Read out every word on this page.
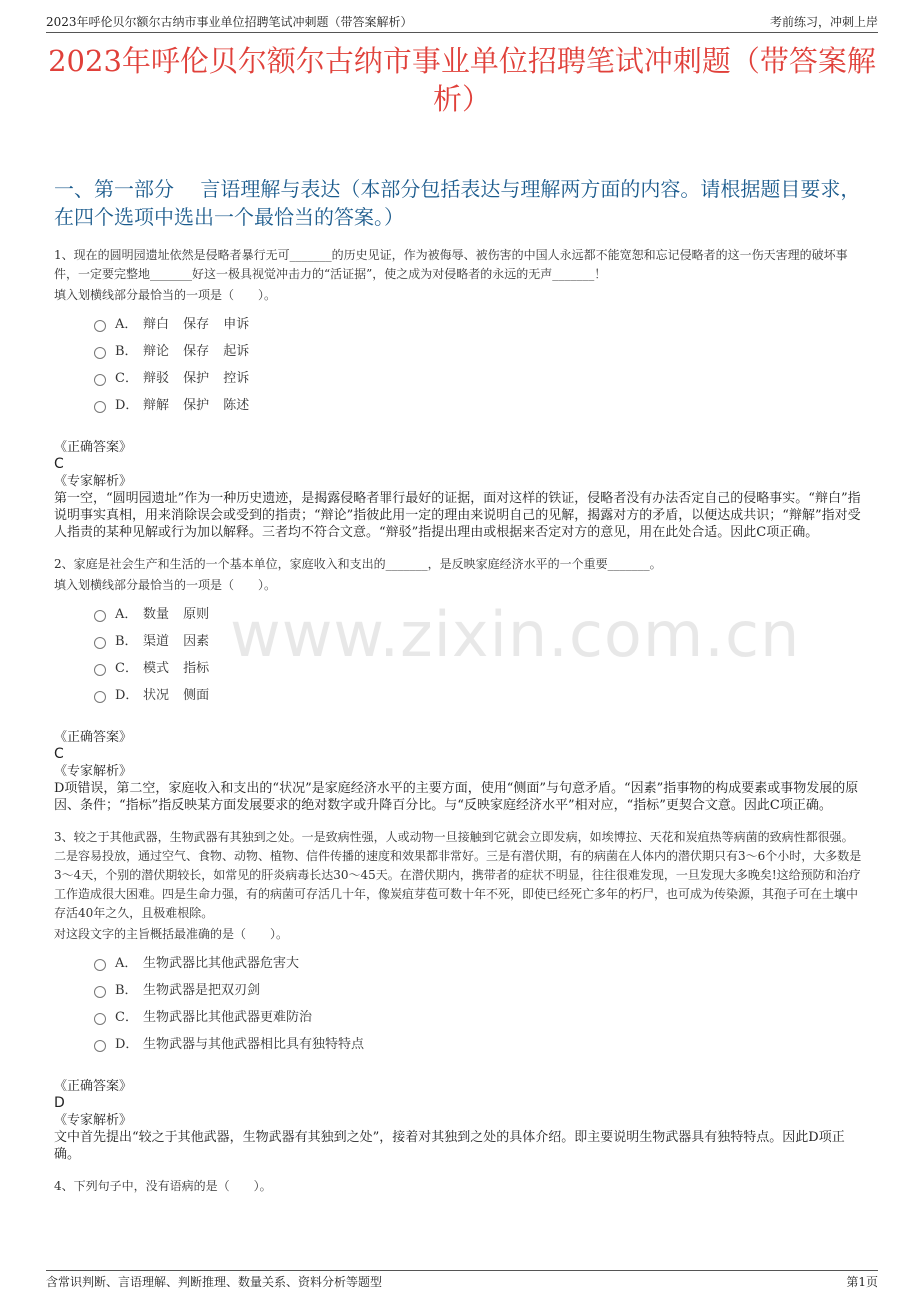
2023年呼伦贝尔额尔古纳市事业单位招聘笔试冲刺题（带答案解析）	考前练习，冲刺上岸
2023年呼伦贝尔额尔古纳市事业单位招聘笔试冲刺题（带答案解析）
一、第一部分　 言语理解与表达（本部分包括表达与理解两方面的内容。请根据题目要求，在四个选项中选出一个最恰当的答案。）
www.zixin.com.cn
1、现在的圆明园遗址依然是侵略者暴行无可_______的历史见证，作为被侮辱、被伤害的中国人永远都不能宽恕和忘记侵略者的这一伤天害理的破坏事件，一定要完整地_______好这一极具视觉冲击力的“活证据”，使之成为对侵略者的永远的无声_______！
填入划横线部分最恰当的一项是（　　）。
A． 辩白 保存 申诉
B． 辩论 保存 起诉
C． 辩驳 保护 控诉
D． 辩解 保护 陈述
《正确答案》
C
《专家解析》
第一空，“圆明园遗址”作为一种历史遗迹，是揭露侵略者罪行最好的证据，面对这样的铁证，侵略者没有办法否定自己的侵略事实。“辩白”指说明事实真相，用来消除误会或受到的指责；“辩论”指彼此用一定的理由来说明自己的见解，揭露对方的矛盾，以便达成共识；“辩解”指对受人指责的某种见解或行为加以解释。三者均不符合文意。“辩驳”指提出理由或根据来否定对方的意见，用在此处合适。因此C项正确。
2、家庭是社会生产和生活的一个基本单位，家庭收入和支出的_______，是反映家庭经济水平的一个重要_______。
填入划横线部分最恰当的一项是（　　）。
A． 数量 原则
B． 渠道 因素
C． 模式 指标
D． 状况 侧面
《正确答案》
C
《专家解析》
D项错误，第二空，家庭收入和支出的“状况”是家庭经济水平的主要方面，使用“侧面”与句意矛盾。“因素”指事物的构成要素或事物发展的原因、条件；“指标”指反映某方面发展要求的绝对数字或升降百分比。与“反映家庭经济水平”相对应，“指标”更契合文意。因此C项正确。
3、较之于其他武器，生物武器有其独到之处。一是致病性强，人或动物一旦接触到它就会立即发病，如埃博拉、天花和炭疽热等病菌的致病性都很强。二是容易投放，通过空气、食物、动物、植物、信件传播的速度和效果都非常好。三是有潜伏期，有的病菌在人体内的潜伏期只有3～6个小时，大多数是3～4天，个别的潜伏期较长，如常见的肝炎病毒长达30～45天。在潜伏期内，携带者的症状不明显，往往很难发现，一旦发现大多晚矣!这给预防和治疗工作造成很大困难。四是生命力强，有的病菌可存活几十年，像炭疽芽苞可数十年不死，即使已经死亡多年的朽尸，也可成为传染源，其孢子可在土壤中存活40年之久，且极难根除。
对这段文字的主旨概括最准确的是（　　）。
A． 生物武器比其他武器危害大
B． 生物武器是把双刃剑
C． 生物武器比其他武器更难防治
D． 生物武器与其他武器相比具有独特特点
《正确答案》
D
《专家解析》
文中首先提出“较之于其他武器，生物武器有其独到之处”，接着对其独到之处的具体介绍。即主要说明生物武器具有独特特点。因此D项正确。
4、下列句子中，没有语病的是（　　）。
含常识判断、言语理解、判断推理、数量关系、资料分析等题型	第1页
